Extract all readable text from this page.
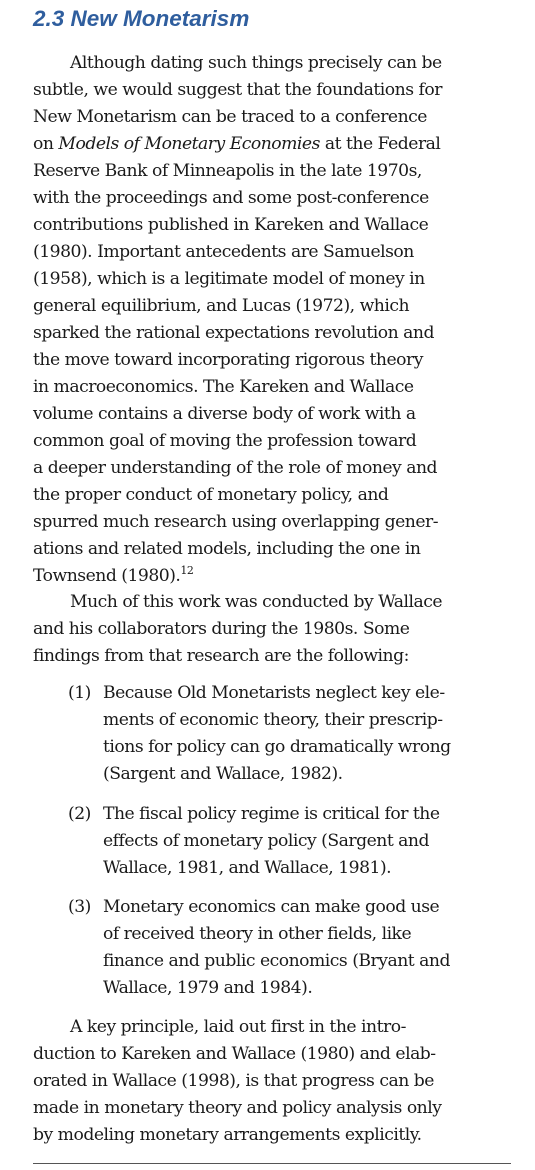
2.3 New Monetarism
Although dating such things precisely can be
subtle, we would suggest that the foundations for
New Monetarism can be traced to a conference
on Models of Monetary Economies at the Federal
Reserve Bank of Minneapolis in the late 1970s,
with the proceedings and some post-conference
contributions published in Kareken and Wallace
(1980). Important antecedents are Samuelson
(1958), which is a legitimate model of money in
general equilibrium, and Lucas (1972), which
sparked the rational expectations revolution and
the move toward incorporating rigorous theory
in macroeconomics. The Kareken and Wallace
volume contains a diverse body of work with a
common goal of moving the profession toward
a deeper understanding of the role of money and
the proper conduct of monetary policy, and
spurred much research using overlapping gener-
ations and related models, including the one in
Townsend (1980).$^{12}$
Much of this work was conducted by Wallace
and his collaborators during the 1980s. Some
findings from that research are the following:
(1) Because Old Monetarists neglect key ele-
ments of economic theory, their prescrip-
tions for policy can go dramatically wrong
(Sargent and Wallace, 1982).
(2) The fiscal policy regime is critical for the
effects of monetary policy (Sargent and
Wallace, 1981, and Wallace, 1981).
(3) Monetary economics can make good use
of received theory in other fields, like
finance and public economics (Bryant and
Wallace, 1979 and 1984).
A key principle, laid out first in the intro-
duction to Kareken and Wallace (1980) and elab-
orated in Wallace (1998), is that progress can be
made in monetary theory and policy analysis only
by modeling monetary arrangements explicitly.
